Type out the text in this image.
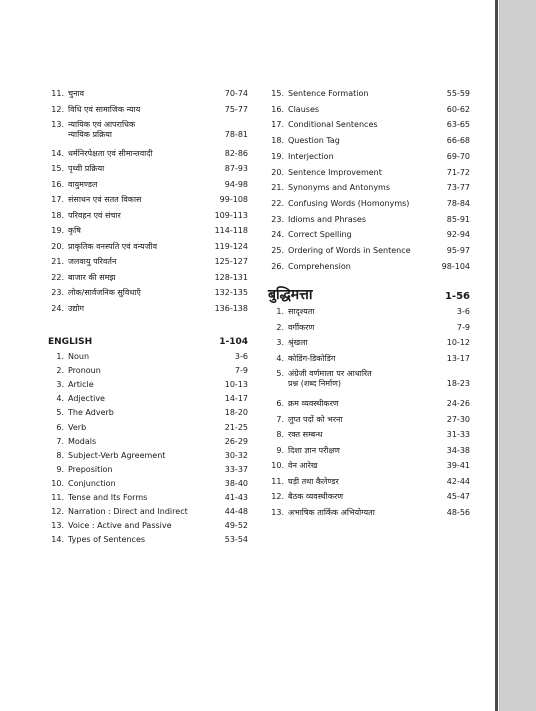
11. चुनाव	70-74
12. विधि एवं सामाजिक न्याय	75-77
13. न्यायिक एवं आपराधिक
न्यायिक प्रक्रिया	78-81
14. धर्मनिरपेक्षता एवं सीमान्तवादी	82-86
15. पृथ्वी प्रक्रिया	87-93
16. वायुमण्डल	94-98
17. संसाधन एवं सतत विकास	99-108
18. परिवहन एवं संचार	109-113
19. कृषि	114-118
20. प्राकृतिक वनस्पति एवं वन्यजीव	119-124
21. जलवायु परिवर्तन	125-127
22. बाजार की समझ	128-131
23. लोक/सार्वजनिक सुविधाएँ	132-135
24. उद्योग	136-138
ENGLISH	1-104
1. Noun	3-6
2. Pronoun	7-9
3. Article	10-13
4. Adjective	14-17
5. The Adverb	18-20
6. Verb	21-25
7. Modals	26-29
8. Subject-Verb Agreement	30-32
9. Preposition	33-37
10. Conjunction	38-40
11. Tense and Its Forms	41-43
12. Narration : Direct and Indirect	44-48
13. Voice : Active and Passive	49-52
14. Types of Sentences	53-54
15. Sentence Formation	55-59
16. Clauses	60-62
17. Conditional Sentences	63-65
18. Question Tag	66-68
19. Interjection	69-70
20. Sentence Improvement	71-72
21. Synonyms and Antonyms	73-77
22. Confusing Words (Homonyms)	78-84
23. Idioms and Phrases	85-91
24. Correct Spelling	92-94
25. Ordering of Words in Sentence	95-97
26. Comprehension	98-104
बुद्धिमत्ता	1-56
1. सादृश्यता	3-6
2. वर्गीकरण	7-9
3. श्रृंखला	10-12
4. कोडिंग-डिकोडिंग	13-17
5. अंग्रेजी वर्णमाला पर आधारित
प्रश्न (शब्द निर्माण)	18-23
6. क्रम व्यवस्थीकरण	24-26
7. लुप्त पदों को भरना	27-30
8. रक्त सम्बन्ध	31-33
9. दिशा ज्ञान परीक्षण	34-38
10. वेन आरेख	39-41
11. घड़ी तथा कैलेण्डर	42-44
12. बैठक व्यवस्थीकरण	45-47
13. अभाषिक तार्किक अभियोग्यता	48-56
